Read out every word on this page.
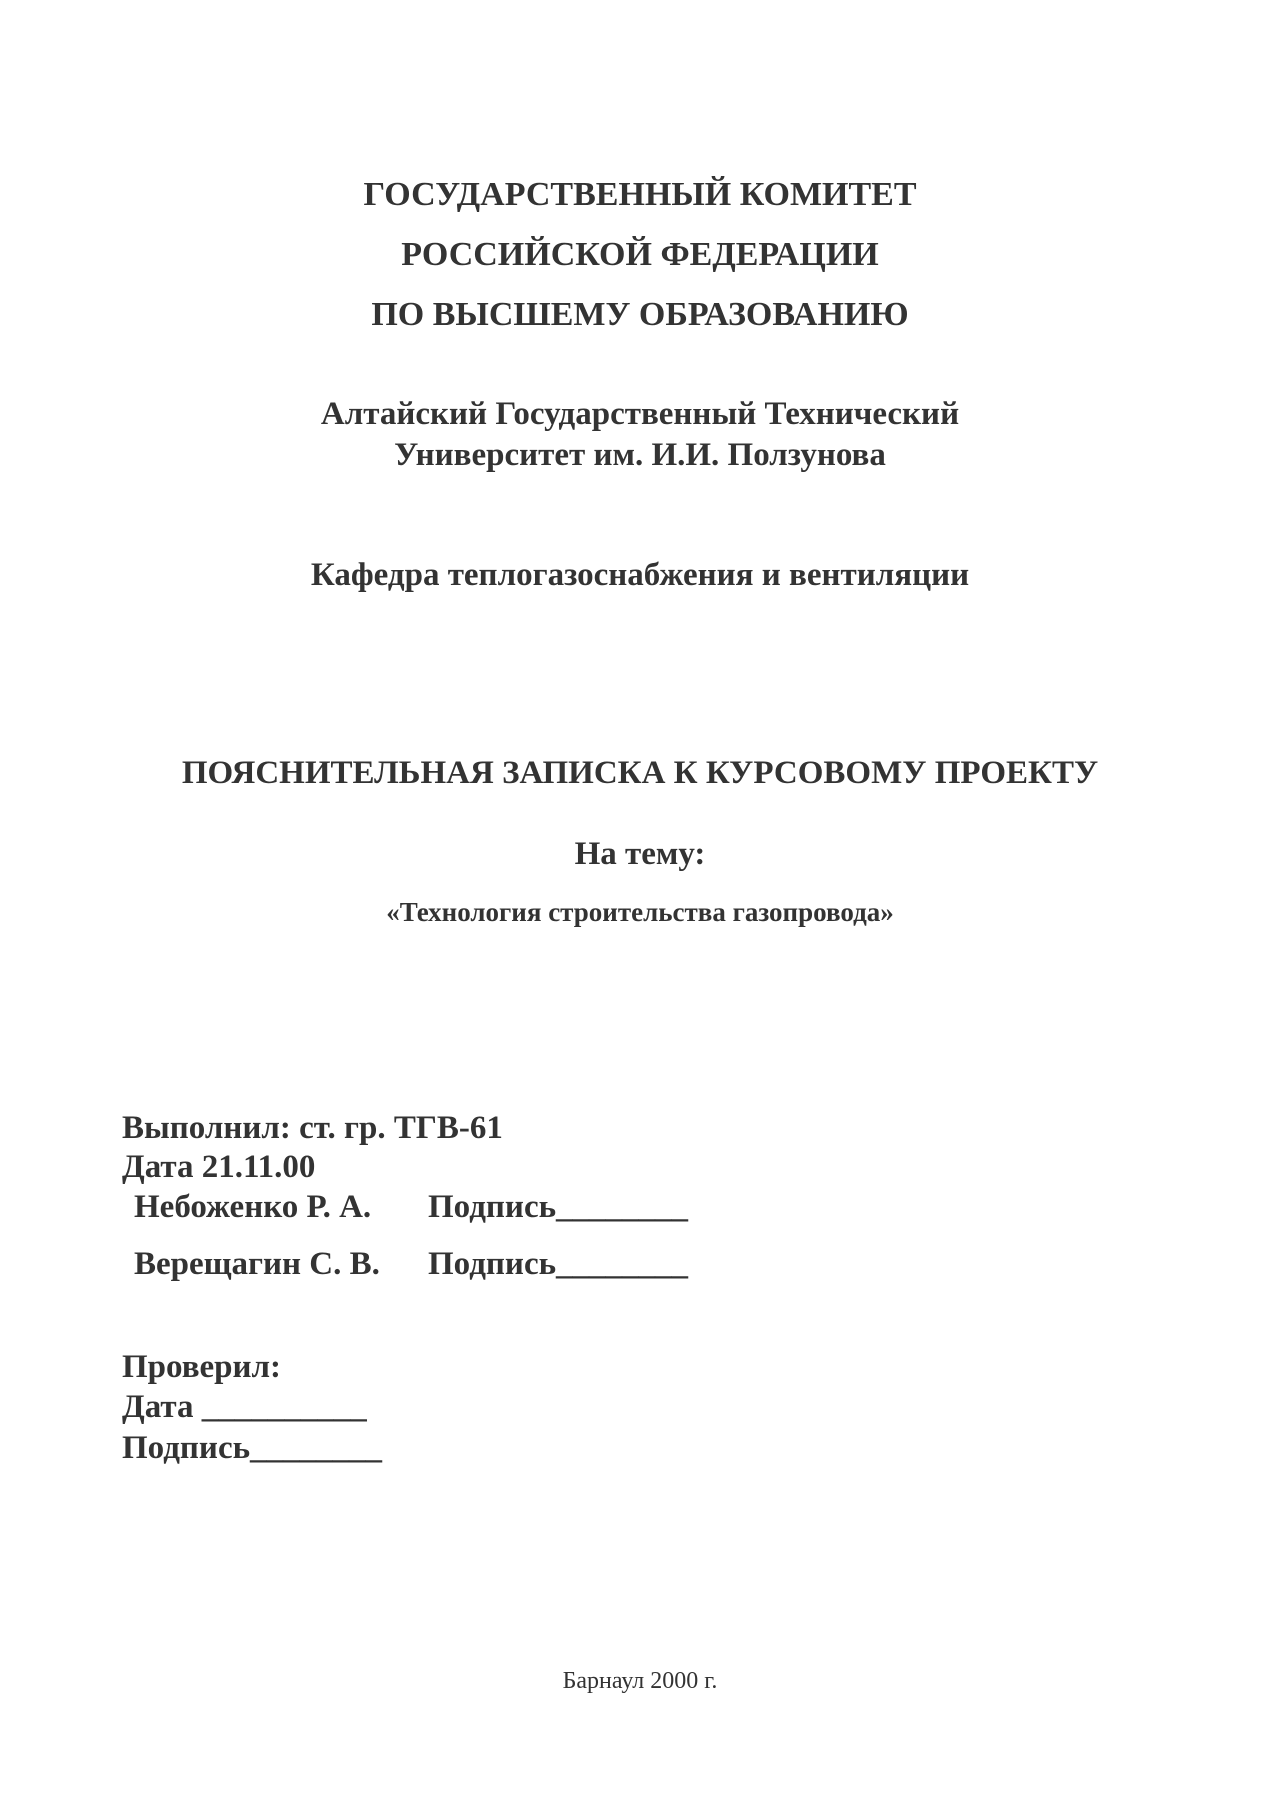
ГОСУДАРСТВЕННЫЙ КОМИТЕТ
РОССИЙСКОЙ ФЕДЕРАЦИИ
ПО ВЫСШЕМУ ОБРАЗОВАНИЮ
Алтайский Государственный Технический
Университет им. И.И. Ползунова
Кафедра теплогазоснабжения и вентиляции
ПОЯСНИТЕЛЬНАЯ ЗАПИСКА К КУРСОВОМУ ПРОЕКТУ
На тему:
«Технология строительства газопровода»
Выполнил: ст. гр. ТГВ-61
Дата 21.11.00
Небоженко Р. А. Подпись________
Верещагин С. В. Подпись________
Проверил:
Дата __________
Подпись________
Барнаул 2000 г.
